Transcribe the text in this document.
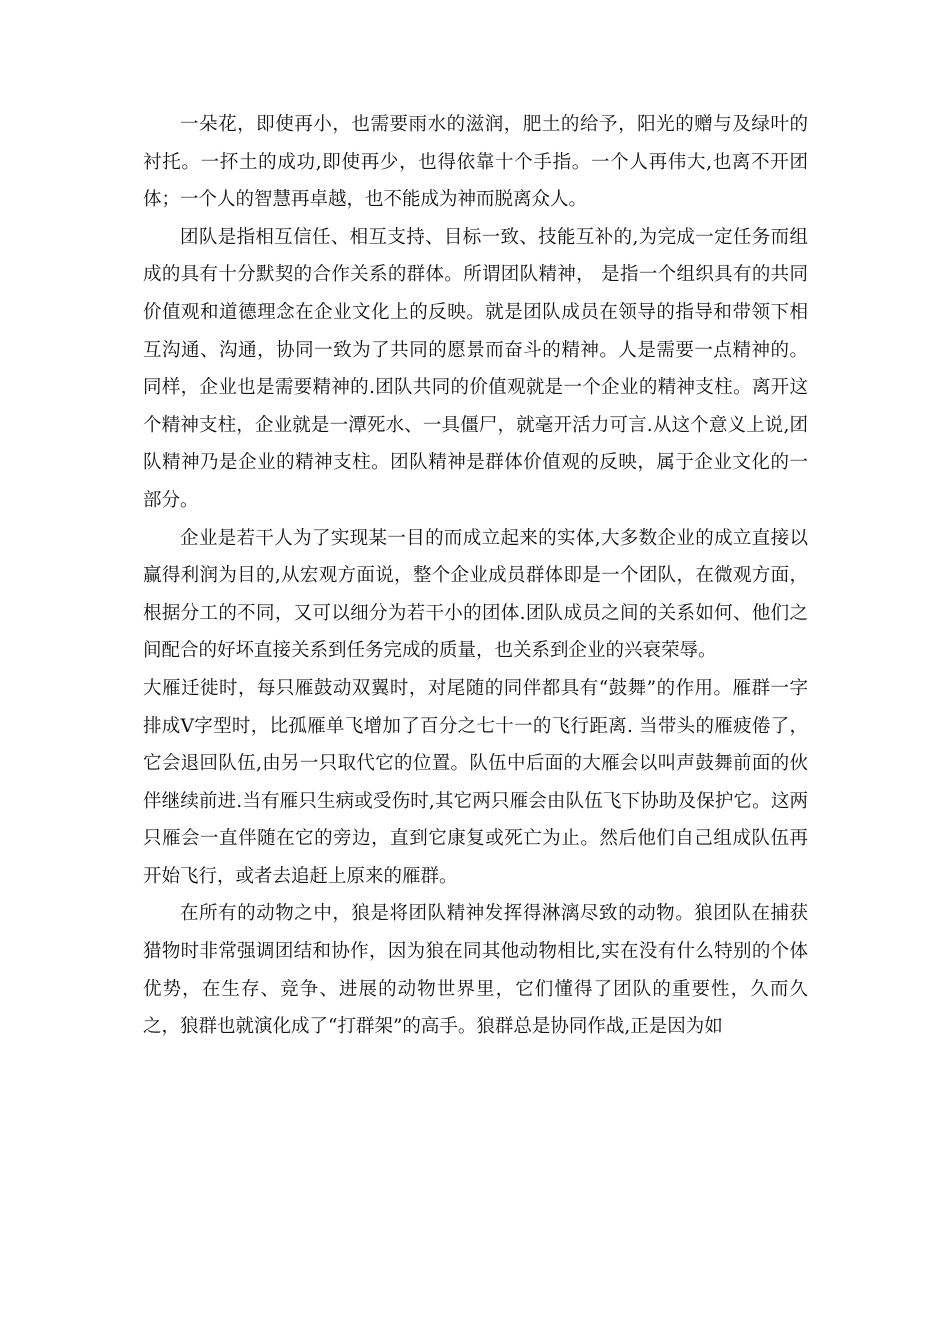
一朵花，即使再小，也需要雨水的滋润，肥土的给予，阳光的赠与及绿叶的衬托。一抔土的成功,即使再少，也得依靠十个手指。一个人再伟大,也离不开团体；一个人的智慧再卓越，也不能成为神而脱离众人。

团队是指相互信任、相互支持、目标一致、技能互补的,为完成一定任务而组成的具有十分默契的合作关系的群体。所谓团队精神， 是指一个组织具有的共同价值观和道德理念在企业文化上的反映。就是团队成员在领导的指导和带领下相互沟通、沟通，协同一致为了共同的愿景而奋斗的精神。人是需要一点精神的。同样，企业也是需要精神的.团队共同的价值观就是一个企业的精神支柱。离开这个精神支柱，企业就是一潭死水、一具僵尸，就毫开活力可言.从这个意义上说,团队精神乃是企业的精神支柱。团队精神是群体价值观的反映，属于企业文化的一部分。

企业是若干人为了实现某一目的而成立起来的实体,大多数企业的成立直接以赢得利润为目的,从宏观方面说，整个企业成员群体即是一个团队，在微观方面，根据分工的不同，又可以细分为若干小的团体.团队成员之间的关系如何、他们之间配合的好坏直接关系到任务完成的质量，也关系到企业的兴衰荣辱。

大雁迁徙时，每只雁鼓动双翼时，对尾随的同伴都具有“鼓舞”的作用。雁群一字排成Ⅴ字型时，比孤雁单飞增加了百分之七十一的飞行距离. 当带头的雁疲倦了，它会退回队伍,由另一只取代它的位置。队伍中后面的大雁会以叫声鼓舞前面的伙伴继续前进.当有雁只生病或受伤时,其它两只雁会由队伍飞下协助及保护它。这两只雁会一直伴随在它的旁边，直到它康复或死亡为止。然后他们自己组成队伍再开始飞行，或者去追赶上原来的雁群。

在所有的动物之中，狼是将团队精神发挥得淋漓尽致的动物。狼团队在捕获猎物时非常强调团结和协作，因为狼在同其他动物相比,实在没有什么特别的个体优势，在生存、竞争、进展的动物世界里，它们懂得了团队的重要性，久而久之，狼群也就演化成了“打群架”的高手。狼群总是协同作战,正是因为如
